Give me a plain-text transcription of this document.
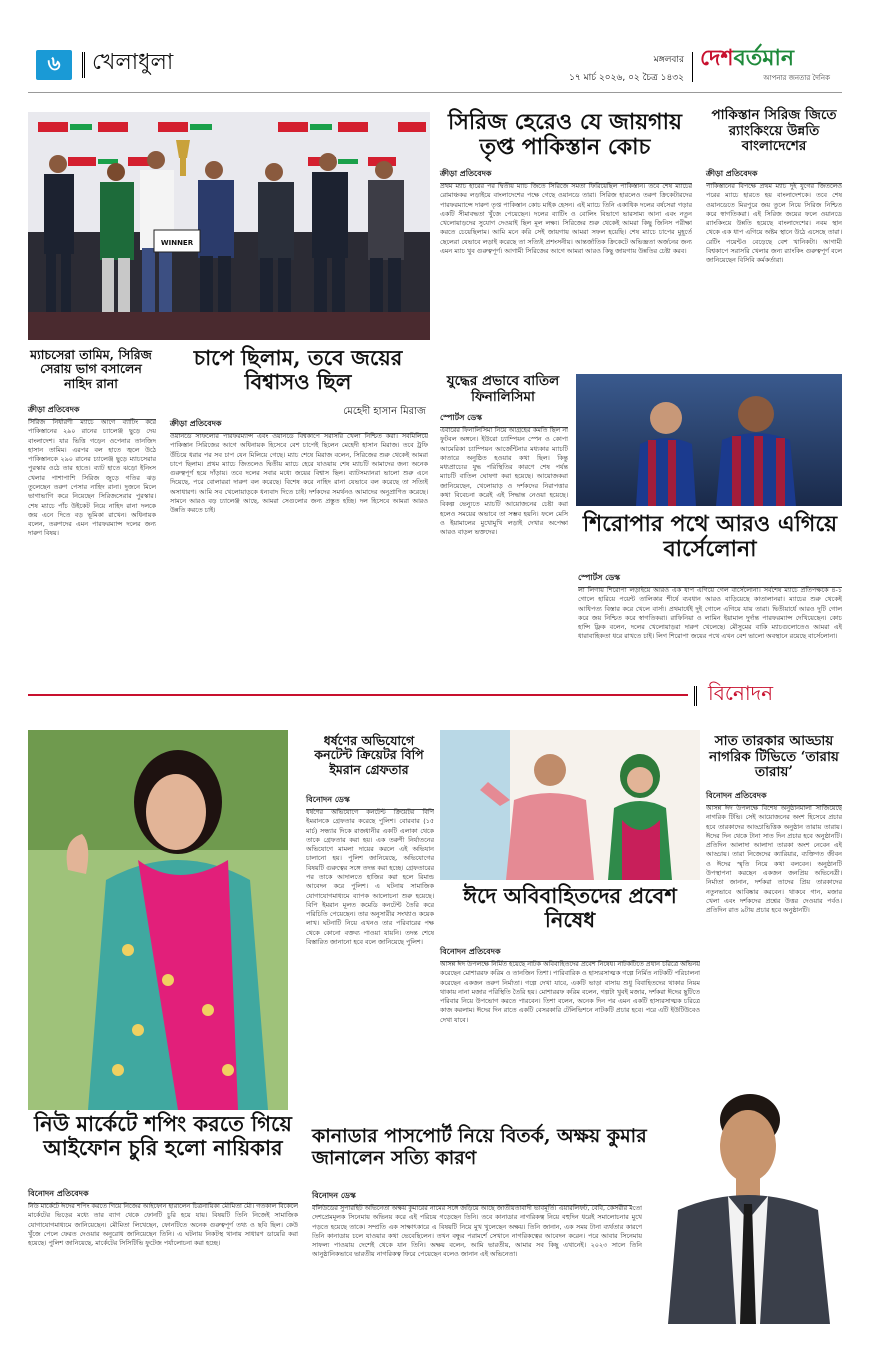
৬ খেলাধুলা	মঙ্গলবার
১৭ মার্চ ২০২৬, ০২ চৈত্র ১৪৩২
দেশবর্তমান
আপনার জনতার দৈনিক
WINNER
সিরিজ হেরেও যে জায়গায় তৃপ্ত পাকিস্তান কোচ
ক্রীড়া প্রতিবেদক
প্রথম ম্যাচ হারের পর দ্বিতীয় ম্যাচ জিতে সিরিজে সমতা ফিরিয়েছিল পাকিস্তান। তবে শেষ ম্যাচের রোমাঞ্চকর লড়াইয়ে বাংলাদেশের পক্ষে গেছে ওয়ানডে তারা। সিরিজ হারলেও তরুণ ক্রিকেটারদের পারফরম্যান্সে দারুণ তৃপ্ত পাকিস্তান কোচ মাইক হেসন। এই ম্যাচে তিনি একাধিক দলের বর্ষসেরা গড়ার একটি সীমাবদ্ধতা খুঁজে পেয়েছেন। দলের ব্যাটিং ও বোলিং বিভাগে ভারসাম্য আনা এবং নতুন খেলোয়াড়দের সুযোগ দেওয়াই ছিল মূল লক্ষ্য। সিরিজের শুরু থেকেই আমরা কিছু জিনিস পরীক্ষা করতে চেয়েছিলাম। আমি মনে করি সেই জায়গায় আমরা সফল হয়েছি। শেষ ম্যাচে চাপের মুহূর্তে ছেলেরা যেভাবে লড়াই করেছে তা সত্যিই প্রশংসনীয়। আন্তর্জাতিক ক্রিকেটে অভিজ্ঞতা অর্জনের জন্য এমন ম্যাচ খুব গুরুত্বপূর্ণ। আগামী সিরিজের আগে আমরা আরও কিছু জায়গায় উন্নতির চেষ্টা করব।
পাকিস্তান সিরিজ জিতে র‍্যাংকিংয়ে উন্নতি বাংলাদেশের
ক্রীড়া প্রতিবেদক
পাকিস্তানের বিপক্ষে প্রথম ম্যাচ দুই যুগের জিতলেও পরের ম্যাচে হারতে হয় বাংলাদেশকে। তবে শেষ ওয়ানডেতে মিরপুরে জয় তুলে নিয়ে সিরিজ নিশ্চিত করে স্বাগতিকরা। এই সিরিজ জয়ের ফলে ওয়ানডে র‍্যাংকিংয়ে উন্নতি হয়েছে বাংলাদেশের। নবম স্থান থেকে এক ধাপ এগিয়ে অষ্টম স্থানে উঠে এসেছে তারা। রেটিং পয়েন্টও বেড়েছে বেশ খানিকটা। আগামী বিশ্বকাপে সরাসরি খেলার জন্য র‍্যাংকিং গুরুত্বপূর্ণ বলে জানিয়েছেন বিসিবি কর্মকর্তারা।
ম্যাচসেরা তামিম, সিরিজ সেরায় ভাগ বসালেন নাহিদ রানা
ক্রীড়া প্রতিবেদক
সিরিজ নির্ধারণী ম্যাচে আগে ব্যাটিং করে পাকিস্তানের ২৯০ রানের চ্যালেঞ্জ ছুড়ে দেয় বাংলাদেশ। যার ভিত্তি গড়েন ওপেনার তানজিদ হাসান তামিম। এরপর বল হাতে জ্বলে উঠে পাকিস্তানকে ২৯০ রানের চ্যালেঞ্জ ছুড়ে ম্যাচসেরার পুরস্কার ওঠে তার হাতে। ব্যাট হাতে ঝড়ো ইনিংস খেলার পাশাপাশি সিরিজ জুড়ে গতির ঝড় তুলেছেন তরুণ পেসার নাহিদ রানা। দুজনে মিলে ভাগাভাগি করে নিয়েছেন সিরিজসেরার পুরস্কার। শেষ ম্যাচে পাঁচ উইকেট নিয়ে নাহিদ রানা দলকে জয় এনে দিতে বড় ভূমিকা রাখেন। অধিনায়ক বলেন, তরুণদের এমন পারফরম্যান্স দলের জন্য দারুণ বিষয়।
চাপে ছিলাম, তবে জয়ের বিশ্বাসও ছিল
মেহেদী হাসান মিরাজ
ক্রীড়া প্রতিবেদক
ওয়ানডে সাফল্যের পারফরম্যান্স এবং ওয়ানডে বিশ্বকাপে সরাসরি খেলা নিশ্চিত করা। সবমিলিয়ে পাকিস্তান সিরিজের আগে অধিনায়ক হিসেবে বেশ চাপেই ছিলেন মেহেদী হাসান মিরাজ। তবে ট্রফি উঁচিয়ে ধরার পর সব চাপ যেন মিলিয়ে গেছে। ম্যাচ শেষে মিরাজ বলেন, সিরিজের শুরু থেকেই আমরা চাপে ছিলাম। প্রথম ম্যাচে জিতলেও দ্বিতীয় ম্যাচে হেরে যাওয়ায় শেষ ম্যাচটি আমাদের জন্য অনেক গুরুত্বপূর্ণ হয়ে দাঁড়ায়। তবে দলের সবার মধ্যে জয়ের বিশ্বাস ছিল। ব্যাটসম্যানরা ভালো শুরু এনে দিয়েছে, পরে বোলাররা দারুণ বল করেছে। বিশেষ করে নাহিদ রানা যেভাবে বল করেছে তা সত্যিই অসাধারণ। আমি সব খেলোয়াড়কে ধন্যবাদ দিতে চাই। দর্শকদের সমর্থনও আমাদের অনুপ্রাণিত করেছে। সামনে আরও বড় চ্যালেঞ্জ আছে, আমরা সেগুলোর জন্য প্রস্তুত হচ্ছি। দল হিসেবে আমরা আরও উন্নতি করতে চাই।
যুদ্ধের প্রভাবে বাতিল ফিনালিসিমা
স্পোর্টস ডেস্ক
এবারের ফিনালিসিমা নিয়ে আগ্রহের কমতি ছিল না ফুটবল অঙ্গনে। ইউরো চ্যাম্পিয়ন স্পেন ও কোপা আমেরিকা চ্যাম্পিয়ন আর্জেন্টিনার মধ্যকার ম্যাচটি কাতারে অনুষ্ঠিত হওয়ার কথা ছিল। কিন্তু মধ্যপ্রাচ্যের যুদ্ধ পরিস্থিতির কারণে শেষ পর্যন্ত ম্যাচটি বাতিল ঘোষণা করা হয়েছে। আয়োজকরা জানিয়েছেন, খেলোয়াড় ও দর্শকদের নিরাপত্তার কথা বিবেচনা করেই এই সিদ্ধান্ত নেওয়া হয়েছে। বিকল্প ভেন্যুতে ম্যাচটি আয়োজনের চেষ্টা করা হলেও সময়ের অভাবে তা সম্ভব হয়নি। ফলে মেসি ও ইয়ামালের মুখোমুখি লড়াই দেখার অপেক্ষা আরও বাড়ল ভক্তদের।	শিরোপার পথে আরও এগিয়ে বার্সেলোনা
স্পোর্টস ডেস্ক
লা লিগায় শিরোপা লড়াইয়ে আরও এক ধাপ এগিয়ে গেল বার্সেলোনা। সর্বশেষ ম্যাচে প্রতিপক্ষকে ৪-১ গোলে হারিয়ে পয়েন্ট তালিকার শীর্ষে ব্যবধান আরও বাড়িয়েছে কাতালানরা। ম্যাচের শুরু থেকেই আধিপত্য বিস্তার করে খেলে বার্সা। প্রথমার্ধেই দুই গোলে এগিয়ে যায় তারা। দ্বিতীয়ার্ধে আরও দুটি গোল করে জয় নিশ্চিত করে স্বাগতিকরা। রাফিনিয়া ও লামিন ইয়ামাল দুর্দান্ত পারফরম্যান্স দেখিয়েছেন। কোচ হান্সি ফ্লিক বলেন, দলের খেলোয়াড়রা দারুণ খেলেছে। মৌসুমের বাকি ম্যাচগুলোতেও আমরা এই ধারাবাহিকতা ধরে রাখতে চাই। লিগ শিরোপা জয়ের পথে এখন বেশ ভালো অবস্থানে রয়েছে বার্সেলোনা।
বিনোদন
ধর্ষণের অভিযোগে কনটেন্ট ক্রিয়েটর বিপি ইমরান গ্রেফতার
বিনোদন ডেস্ক
ধর্ষণের অভিযোগে কনটেন্ট ক্রিয়েটর বিপি ইমরানকে গ্রেফতার করেছে পুলিশ। বোরবার (১৫ মার্চ) সন্ধ্যার দিকে রাজধানীর একটি এলাকা থেকে তাকে গ্রেফতার করা হয়। এক তরুণী নির্যাতনের অভিযোগে মামলা দায়ের করলে এই অভিযান চালানো হয়। পুলিশ জানিয়েছে, অভিযোগের বিষয়টি গুরুত্বের সঙ্গে তদন্ত করা হচ্ছে। গ্রেফতারের পর তাকে আদালতে হাজির করা হলে রিমান্ড আবেদন করে পুলিশ। এ ঘটনায় সামাজিক যোগাযোগমাধ্যমে ব্যাপক আলোচনা শুরু হয়েছে। বিপি ইমরান মূলত কমেডি কনটেন্ট তৈরি করে পরিচিতি পেয়েছেন। তার অনুসারীর সংখ্যাও কয়েক লাখ। ঘটনাটি নিয়ে এখনও তার পরিবারের পক্ষ থেকে কোনো বক্তব্য পাওয়া যায়নি। তদন্ত শেষে বিস্তারিত জানানো হবে বলে জানিয়েছে পুলিশ।
ঈদে অবিবাহিতদের প্রবেশ নিষেধ
বিনোদন প্রতিবেদক
আসন্ন ঈদ উপলক্ষে নির্মিত হয়েছে নাটক অবিবাহিতদের প্রবেশ নিষেধ। নাটকটিতে প্রধান চরিত্রে অভিনয় করেছেন মোশাররফ করিম ও তানজিন তিশা। পারিবারিক ও হাস্যরসাত্মক গল্পে নির্মিত নাটকটি পরিচালনা করেছেন একজন তরুণ নির্মাতা। গল্পে দেখা যাবে, একটি ভাড়া বাসায় শুধু বিবাহিতদের থাকার নিয়ম থাকায় নানা মজার পরিস্থিতি তৈরি হয়। মোশাররফ করিম বলেন, গল্পটা খুবই মজার, দর্শকরা ঈদের ছুটিতে পরিবার নিয়ে উপভোগ করতে পারবেন। তিশা বলেন, অনেক দিন পর এমন একটি হাস্যরসাত্মক চরিত্রে কাজ করলাম। ঈদের দিন রাতে একটি বেসরকারি টেলিভিশনে নাটকটি প্রচার হবে। পরে এটি ইউটিউবেও দেখা যাবে।
সাত তারকার আড্ডায় নাগরিক টিভিতে ‘তারায় তারায়’
বিনোদন প্রতিবেদক
আসন্ন ঈদ উপলক্ষে বিশেষ অনুষ্ঠানমালা সাজিয়েছে নাগরিক টিভি। সেই আয়োজনের অংশ হিসেবে প্রচার হবে তারকাদের আড্ডাভিত্তিক অনুষ্ঠান তারায় তারায়। ঈদের দিন থেকে টানা সাত দিন প্রচার হবে অনুষ্ঠানটি। প্রতিদিন আলাদা আলাদা তারকা অংশ নেবেন এই আড্ডায়। তারা নিজেদের ক্যারিয়ার, ব্যক্তিগত জীবন ও ঈদের স্মৃতি নিয়ে কথা বলবেন। অনুষ্ঠানটি উপস্থাপনা করছেন একজন জনপ্রিয় অভিনেত্রী। নির্মাতা জানান, দর্শকরা তাদের প্রিয় তারকাদের নতুনভাবে আবিষ্কার করবেন। থাকবে গান, মজার খেলা এবং দর্শকদের প্রশ্নের উত্তর দেওয়ার পর্বও। প্রতিদিন রাত ৯টায় প্রচার হবে অনুষ্ঠানটি।
নিউ মার্কেটে শপিং করতে গিয়ে আইফোন চুরি হলো নায়িকার
বিনোদন প্রতিবেদক
নিউ মার্কেটে ঈদের শপিং করতে গিয়ে নিজের আইফোন হারালেন চিত্রনায়িকা মৌমিতা মৌ। গতকাল বিকেলে মার্কেটের ভিড়ের মধ্যে তার ব্যাগ থেকে ফোনটি চুরি হয়ে যায়। বিষয়টি তিনি নিজেই সামাজিক যোগাযোগমাধ্যমে জানিয়েছেন। মৌমিতা লিখেছেন, ফোনটিতে অনেক গুরুত্বপূর্ণ তথ্য ও ছবি ছিল। কেউ খুঁজে পেলে ফেরত দেওয়ার অনুরোধ জানিয়েছেন তিনি। এ ঘটনায় নিকটস্থ থানায় সাধারণ ডায়েরি করা হয়েছে। পুলিশ জানিয়েছে, মার্কেটের সিসিটিভি ফুটেজ পর্যালোচনা করা হচ্ছে।
কানাডার পাসপোর্ট নিয়ে বিতর্ক, অক্ষয় কুমার জানালেন সত্যি কারণ
বিনোদন ডেস্ক
বলিউডের সুপারহিট অভিনেতা অক্ষয় কুমারের নামের সঙ্গে জড়িয়ে আছে জাতীয়তাবাদী ভাবমূর্তি। এয়ারলিফট, বেবি, কেসরীর মতো দেশপ্রেমমূলক সিনেমায় অভিনয় করে এই পরিচয় গড়েছেন তিনি। তবে কানাডার নাগরিকত্ব নিয়ে বহুদিন ধরেই সমালোচনার মুখে পড়তে হয়েছে তাকে। সম্প্রতি এক সাক্ষাৎকারে এ বিষয়টি নিয়ে মুখ খুলেছেন অক্ষয়। তিনি জানান, এক সময় টানা ব্যর্থতার কারণে তিনি কানাডায় চলে যাওয়ার কথা ভেবেছিলেন। তখন বন্ধুর পরামর্শে সেখানে নাগরিকত্বের আবেদন করেন। পরে আবার সিনেমায় সাফল্য পাওয়ায় দেশেই থেকে যান তিনি। অক্ষয় বলেন, আমি ভারতীয়, আমার সব কিছু এখানেই। ২০২৩ সালে তিনি আনুষ্ঠানিকভাবে ভারতীয় নাগরিকত্ব ফিরে পেয়েছেন বলেও জানান এই অভিনেতা।
